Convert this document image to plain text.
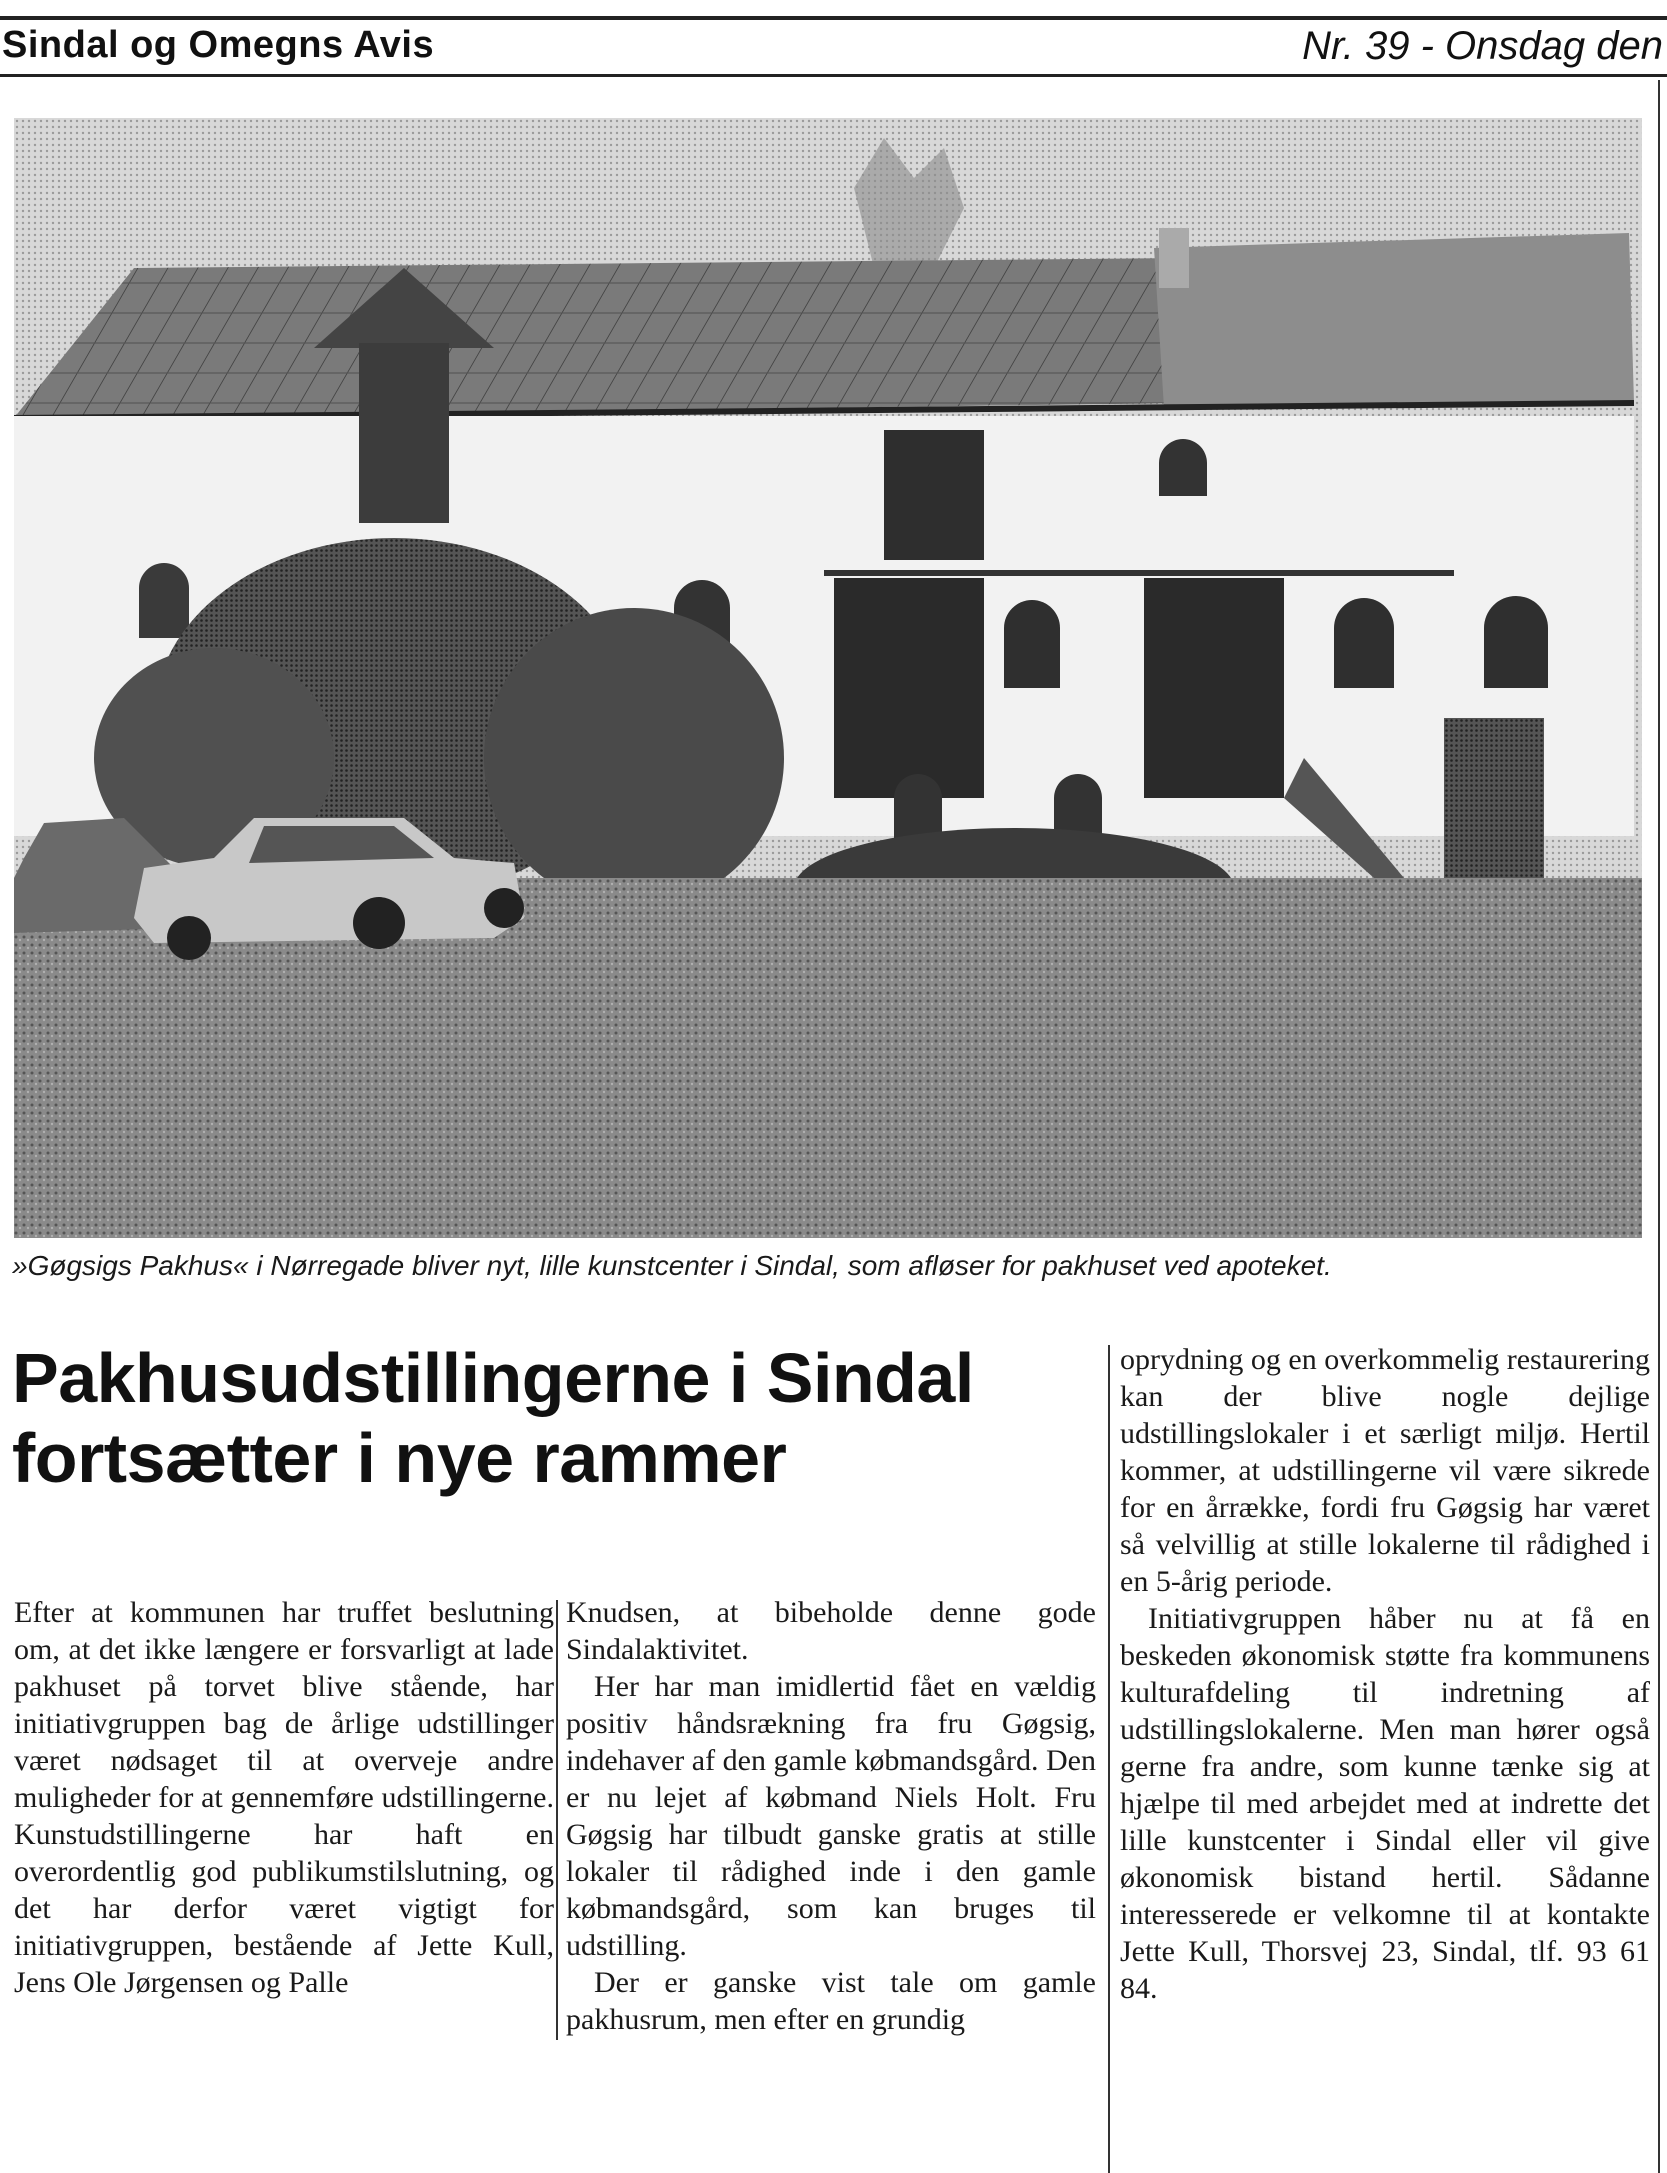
Sindal og Omegns Avis	Nr. 39 - Onsdag den
»Gøgsigs Pakhus« i Nørregade bliver nyt, lille kunstcenter i Sindal, som afløser for pakhuset ved apoteket.
Pakhusudstillingerne i Sindal
fortsætter i nye rammer

Efter at kommunen har truffet beslutning om, at det ikke længere er forsvarligt at lade pakhuset på torvet blive stående, har initiativgruppen bag de årlige udstillinger været nødsaget til at overveje andre muligheder for at gennemføre udstillingerne. Kunstudstillingerne har haft en overordentlig god publikumstilslutning, og det har derfor været vigtigt for initiativgruppen, bestående af Jette Kull, Jens Ole Jørgensen og Palle

Knudsen, at bibeholde denne gode Sindalaktivitet.

Her har man imidlertid fået en vældig positiv håndsrækning fra fru Gøgsig, indehaver af den gamle købmandsgård. Den er nu lejet af købmand Niels Holt. Fru Gøgsig har tilbudt ganske gratis at stille lokaler til rådighed inde i den gamle købmandsgård, som kan bruges til udstilling.

Der er ganske vist tale om gamle pakhusrum, men efter en grundig

oprydning og en overkommelig restaurering kan der blive nogle dejlige udstillingslokaler i et særligt miljø. Hertil kommer, at udstillingerne vil være sikrede for en årrække, fordi fru Gøgsig har været så velvillig at stille lokalerne til rådighed i en 5-årig periode.

Initiativgruppen håber nu at få en beskeden økonomisk støtte fra kommunens kulturafdeling til indretning af udstillingslokalerne. Men man hører også gerne fra andre, som kunne tænke sig at hjælpe til med arbejdet med at indrette det lille kunstcenter i Sindal eller vil give økonomisk bistand hertil. Sådanne interesserede er velkomne til at kontakte Jette Kull, Thorsvej 23, Sindal, tlf. 93 61 84.
